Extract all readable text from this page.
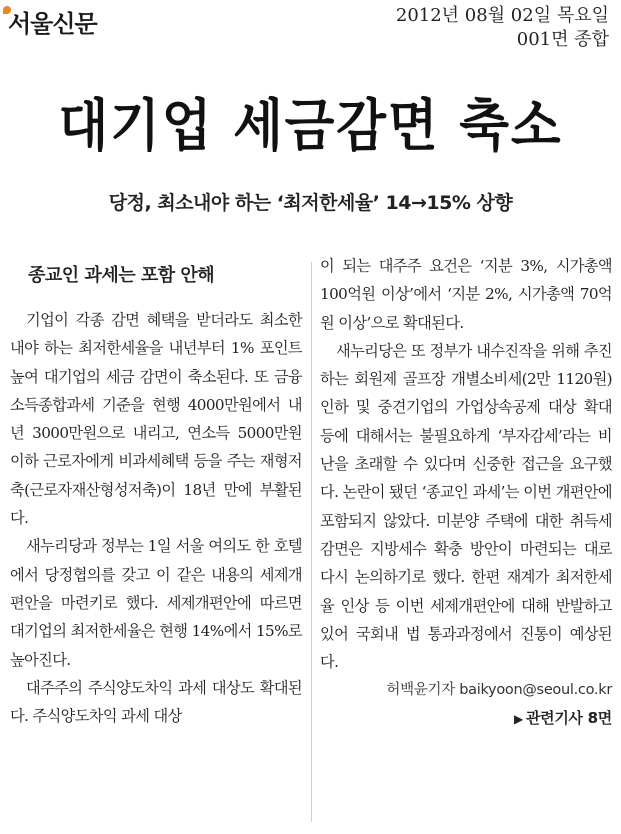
서울신문	2012년 08월 02일 목요일
001면 종합
대기업 세금감면 축소
당정, 최소내야 하는 ‘최저한세율’ 14→15% 상향
종교인 과세는 포함 안해

기업이 각종 감면 혜택을 받더라도 최소한 내야 하는 최저한세율을 내년부터 1% 포인트 높여 대기업의 세금 감면이 축소된다. 또 금융소득종합과세 기준을 현행 4000만원에서 내년 3000만원으로 내리고, 연소득 5000만원 이하 근로자에게 비과세혜택 등을 주는 재형저축(근로자재산형성저축)이 18년 만에 부활된다.

새누리당과 정부는 1일 서울 여의도 한 호텔에서 당정협의를 갖고 이 같은 내용의 세제개편안을 마련키로 했다. 세제개편안에 따르면 대기업의 최저한세율은 현행 14%에서 15%로 높아진다.

대주주의 주식양도차익 과세 대상도 확대된다. 주식양도차익 과세 대상

이 되는 대주주 요건은 ‘지분 3%, 시가총액 100억원 이상’에서 ‘지분 2%, 시가총액 70억원 이상’으로 확대된다.

새누리당은 또 정부가 내수진작을 위해 추진하는 회원제 골프장 개별소비세(2만 1120원) 인하 및 중견기업의 가업상속공제 대상 확대 등에 대해서는 불필요하게 ‘부자감세’라는 비난을 초래할 수 있다며 신중한 접근을 요구했다. 논란이 됐던 ‘종교인 과세’는 이번 개편안에 포함되지 않았다. 미분양 주택에 대한 취득세 감면은 지방세수 확충 방안이 마련되는 대로 다시 논의하기로 했다. 한편 재계가 최저한세율 인상 등 이번 세제개편안에 대해 반발하고 있어 국회내 법 통과과정에서 진통이 예상된다.

허백윤기자 baikyoon@seoul.co.kr
▶ 관련기사 8면
